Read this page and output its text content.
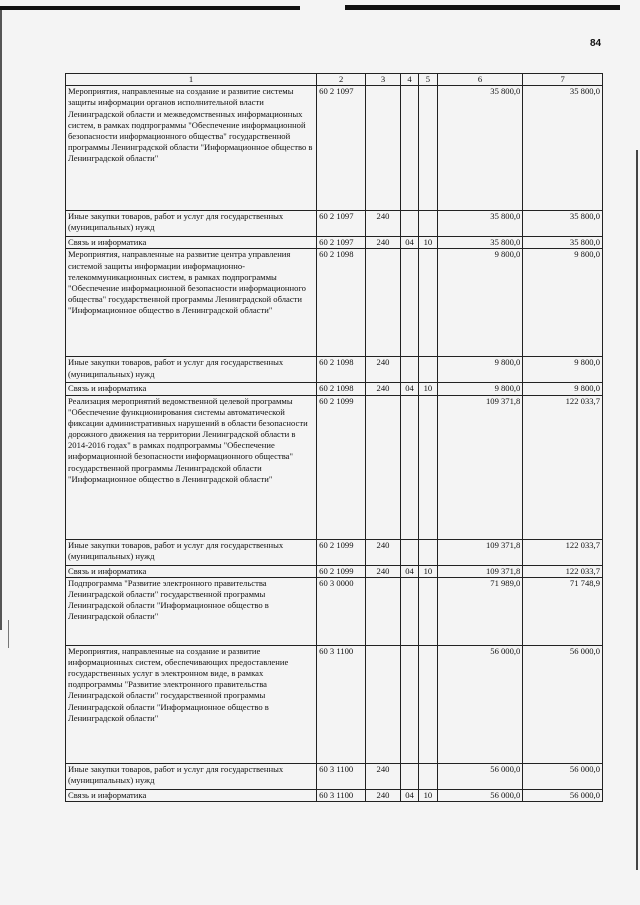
84
1	2	3	4	5	6	7
Мероприятия, направленные на создание и развитие системы защиты информации органов исполнительной власти Ленинградской области и межведомственных информационных систем, в рамках подпрограммы "Обеспечение информационной безопасности информационного общества" государственной программы Ленинградской области "Информационное общество в Ленинградской области"	60 2 1097				35 800,0	35 800,0
Иные закупки товаров, работ и услуг для государственных (муниципальных) нужд	60 2 1097	240			35 800,0	35 800,0
Связь и информатика	60 2 1097	240	04	10	35 800,0	35 800,0
Мероприятия, направленные на развитие центра управления системой защиты информации информационно-телекоммуникационных систем, в рамках подпрограммы "Обеспечение информационной безопасности информационного общества" государственной программы Ленинградской области "Информационное общество в Ленинградской области"	60 2 1098				9 800,0	9 800,0
Иные закупки товаров, работ и услуг для государственных (муниципальных) нужд	60 2 1098	240			9 800,0	9 800,0
Связь и информатика	60 2 1098	240	04	10	9 800,0	9 800,0
Реализация мероприятий ведомственной целевой программы "Обеспечение функционирования системы автоматической фиксации административных нарушений в области безопасности дорожного движения на территории Ленинградской области в 2014-2016 годах" в рамках подпрограммы "Обеспечение информационной безопасности информационного общества" государственной программы Ленинградской области "Информационное общество в Ленинградской области"	60 2 1099				109 371,8	122 033,7
Иные закупки товаров, работ и услуг для государственных (муниципальных) нужд	60 2 1099	240			109 371,8	122 033,7
Связь и информатика	60 2 1099	240	04	10	109 371,8	122 033,7
Подпрограмма "Развитие электронного правительства Ленинградской области" государственной программы Ленинградской области "Информационное общество в Ленинградской области"	60 3 0000				71 989,0	71 748,9
Мероприятия, направленные на создание и развитие информационных систем, обеспечивающих предоставление государственных услуг в электронном виде, в рамках подпрограммы "Развитие электронного правительства Ленинградской области" государственной программы Ленинградской области "Информационное общество в Ленинградской области"	60 3 1100				56 000,0	56 000,0
Иные закупки товаров, работ и услуг для государственных (муниципальных) нужд	60 3 1100	240			56 000,0	56 000,0
Связь и информатика	60 3 1100	240	04	10	56 000,0	56 000,0
